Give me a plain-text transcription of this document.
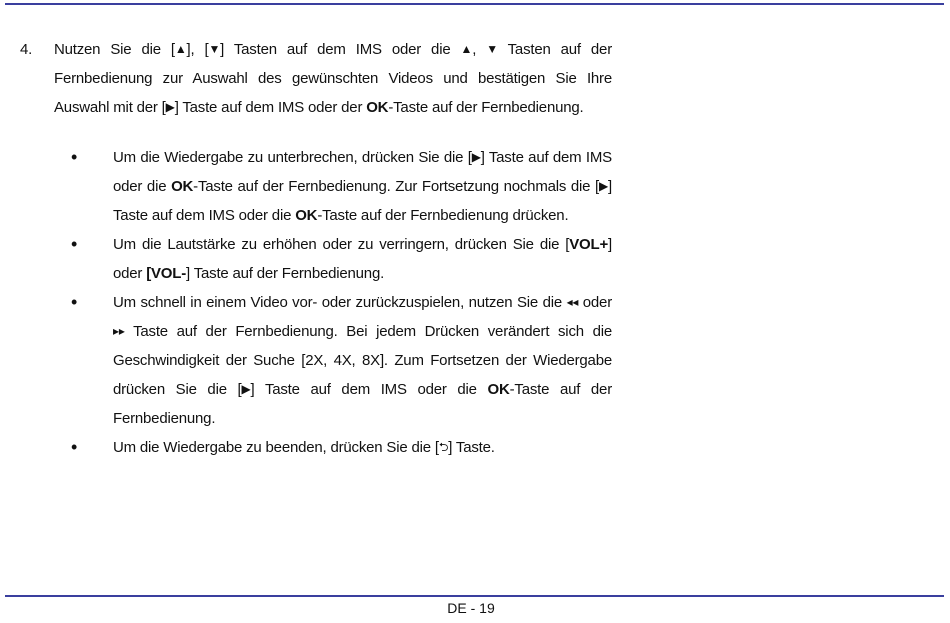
4.	Nutzen Sie die [▲], [▼] Tasten auf dem IMS oder die ▲, ▼ Tasten auf der Fernbedienung zur Auswahl des gewünschten Videos und bestätigen Sie Ihre Auswahl mit der [▶] Taste auf dem IMS oder der OK-Taste auf der Fernbedienung.
•	Um die Wiedergabe zu unterbrechen, drücken Sie die [▶] Taste auf dem IMS oder die OK-Taste auf der Fernbedienung. Zur Fortsetzung nochmals die [▶] Taste auf dem IMS oder die OK-Taste auf der Fernbedienung drücken.
•	Um die Lautstärke zu erhöhen oder zu verringern, drücken Sie die [VOL+] oder [VOL-] Taste auf der Fernbedienung.
•	Um schnell in einem Video vor- oder zurückzuspielen, nutzen Sie die ◂◂ oder ▸▸ Taste auf der Fernbedienung. Bei jedem Drücken verändert sich die Geschwindigkeit der Suche [2X, 4X, 8X]. Zum Fortsetzen der Wiedergabe drücken Sie die [▶] Taste auf dem IMS oder die OK-Taste auf der Fernbedienung.
•	Um die Wiedergabe zu beenden, drücken Sie die [⮌] Taste.
DE - 19
